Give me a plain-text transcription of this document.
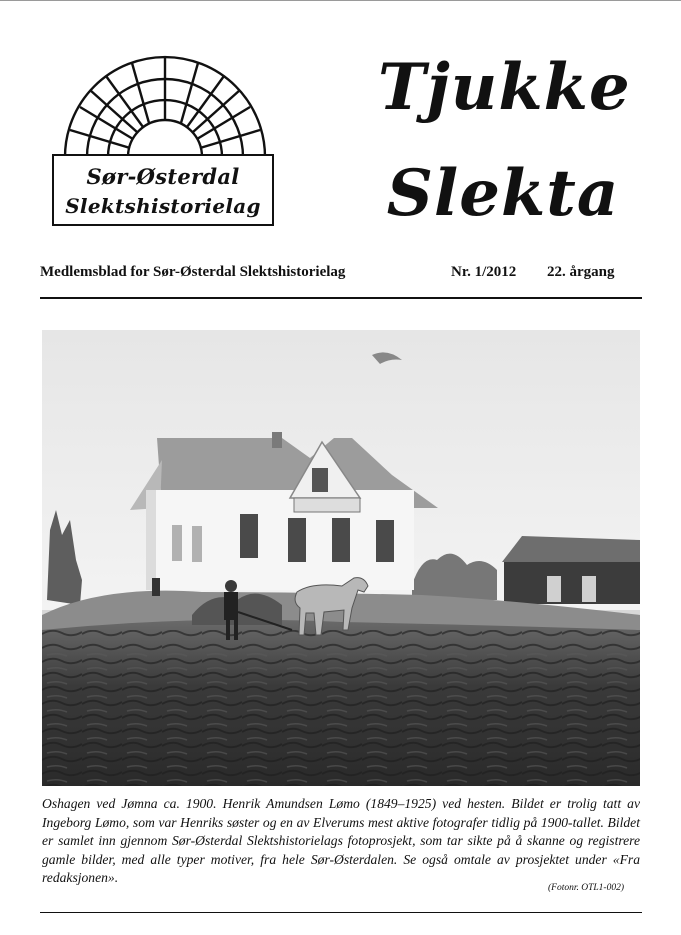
Sør-Østerdal
Slektshistorielag
Tjukke
Slekta
Medlemsblad for Sør-Østerdal Slektshistorielag	Nr. 1/2012 22. årgang

Oshagen ved Jømna ca. 1900. Henrik Amundsen Lømo (1849–1925) ved hesten. Bildet er trolig tatt av Ingeborg Lømo, som var Henriks søster og en av Elverums mest aktive fotografer tidlig på 1900-tallet. Bildet er samlet inn gjennom Sør-Østerdal Slektshistorielags fotoprosjekt, som tar sikte på å skanne og registrere gamle bilder, med alle typer motiver, fra hele Sør-Østerdalen. Se også omtale av prosjektet under «Fra redaksjonen».

(Fotonr. OTL1-002)
